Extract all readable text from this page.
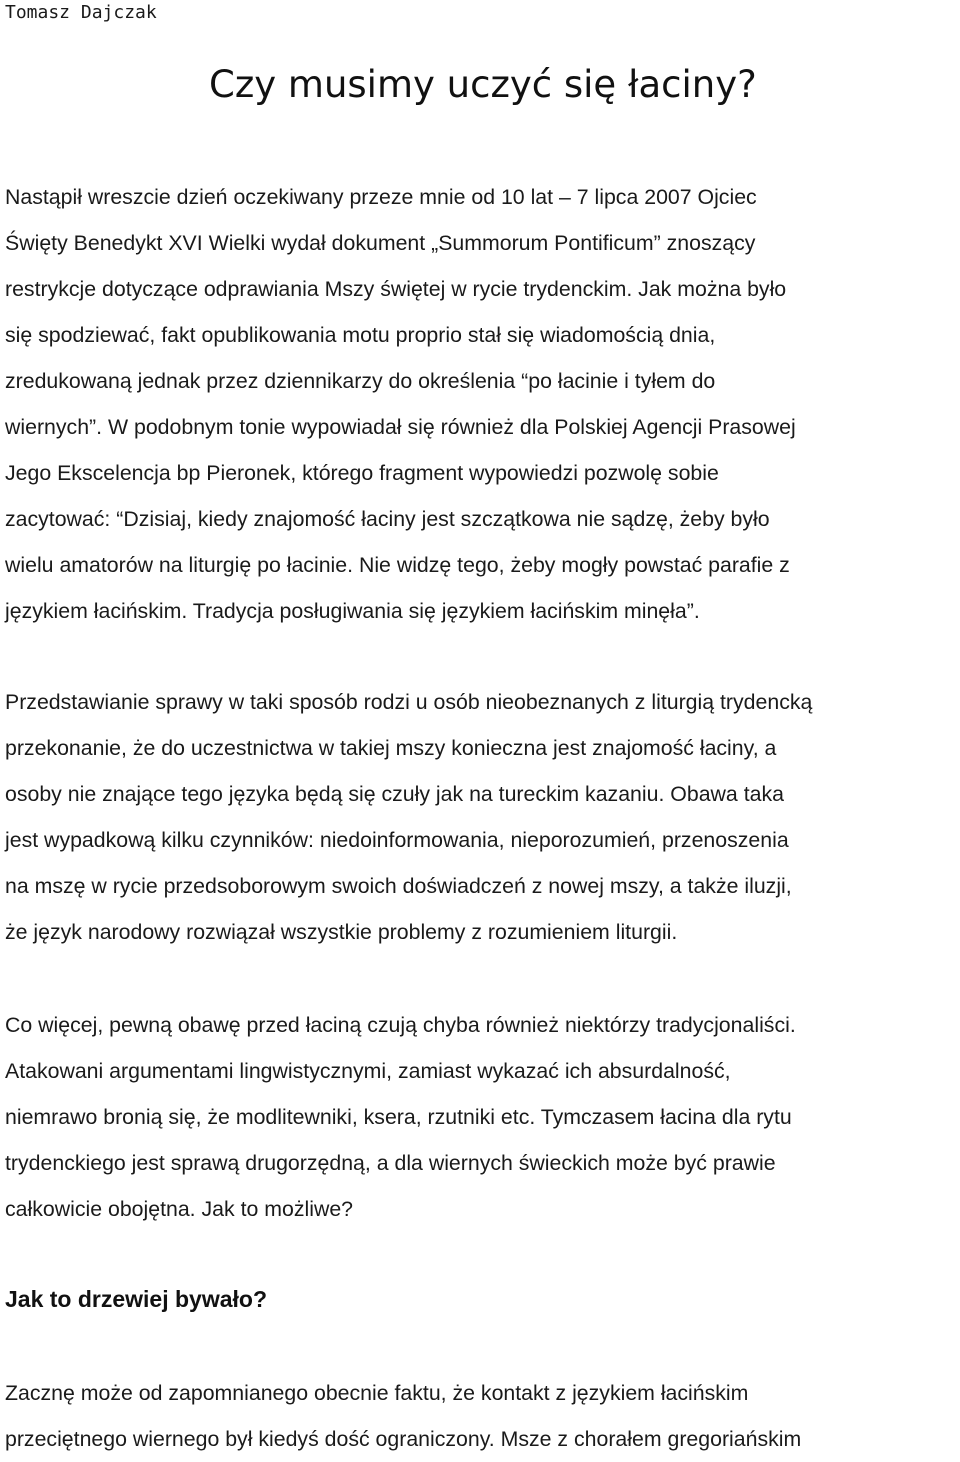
Tomasz Dajczak
Czy musimy uczyć się łaciny?

Nastąpił wreszcie dzień oczekiwany przeze mnie od 10 lat – 7 lipca 2007 Ojciec
Święty Benedykt XVI Wielki wydał dokument „Summorum Pontificum” znoszący
restrykcje dotyczące odprawiania Mszy świętej w rycie trydenckim. Jak można było
się spodziewać, fakt opublikowania motu proprio stał się wiadomością dnia,
zredukowaną jednak przez dziennikarzy do określenia “po łacinie i tyłem do
wiernych”. W podobnym tonie wypowiadał się również dla Polskiej Agencji Prasowej
Jego Ekscelencja bp Pieronek, którego fragment wypowiedzi pozwolę sobie
zacytować: “Dzisiaj, kiedy znajomość łaciny jest szczątkowa nie sądzę, żeby było
wielu amatorów na liturgię po łacinie. Nie widzę tego, żeby mogły powstać parafie z
językiem łacińskim. Tradycja posługiwania się językiem łacińskim minęła”.

Przedstawianie sprawy w taki sposób rodzi u osób nieobeznanych z liturgią trydencką
przekonanie, że do uczestnictwa w takiej mszy konieczna jest znajomość łaciny, a
osoby nie znające tego języka będą się czuły jak na tureckim kazaniu. Obawa taka
jest wypadkową kilku czynników: niedoinformowania, nieporozumień, przenoszenia
na mszę w rycie przedsoborowym swoich doświadczeń z nowej mszy, a także iluzji,
że język narodowy rozwiązał wszystkie problemy z rozumieniem liturgii.

Co więcej, pewną obawę przed łaciną czują chyba również niektórzy tradycjonaliści.
Atakowani argumentami lingwistycznymi, zamiast wykazać ich absurdalność,
niemrawo bronią się, że modlitewniki, ksera, rzutniki etc. Tymczasem łacina dla rytu
trydenckiego jest sprawą drugorzędną, a dla wiernych świeckich może być prawie
całkowicie obojętna. Jak to możliwe?

Jak to drzewiej bywało?

Zacznę może od zapomnianego obecnie faktu, że kontakt z językiem łacińskim
przeciętnego wiernego był kiedyś dość ograniczony. Msze z chorałem gregoriańskim
